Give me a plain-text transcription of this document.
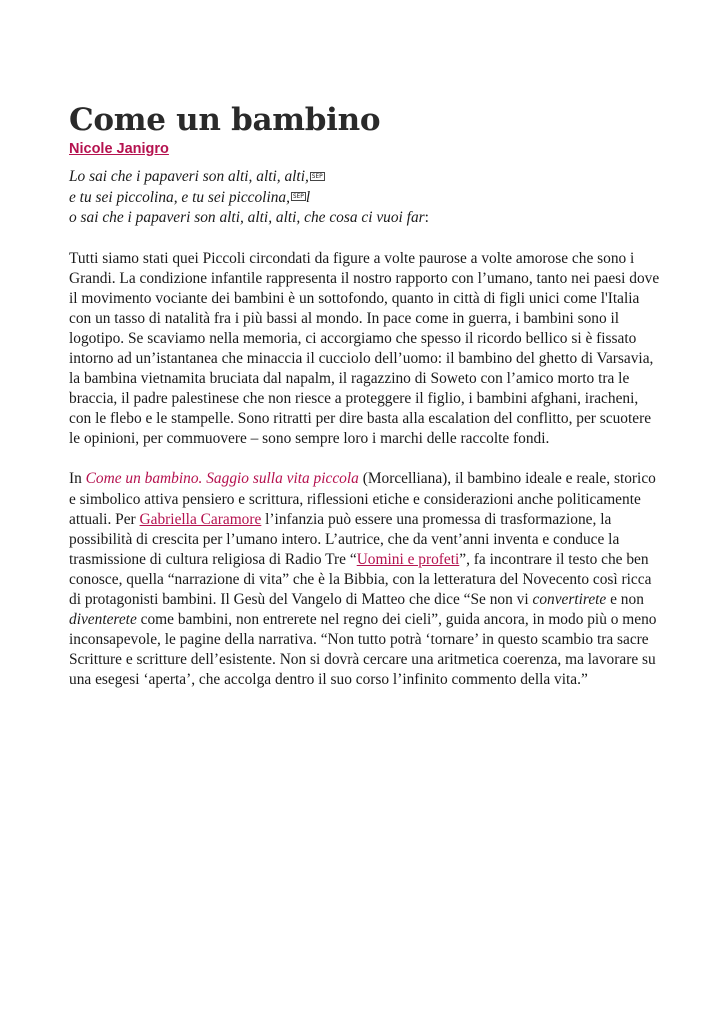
Come un bambino
Nicole Janigro
Lo sai che i papaveri son alti, alti, alti, SEP
e tu sei piccolina, e tu sei piccolina, SEP l
o sai che i papaveri son alti, alti, alti, che cosa ci vuoi far:

Tutti siamo stati quei Piccoli circondati da figure a volte paurose a volte amorose che sono i Grandi. La condizione infantile rappresenta il nostro rapporto con l’umano, tanto nei paesi dove il movimento vociante dei bambini è un sottofondo, quanto in città di figli unici come l'Italia con un tasso di natalità fra i più bassi al mondo. In pace come in guerra, i bambini sono il logotipo. Se scaviamo nella memoria, ci accorgiamo che spesso il ricordo bellico si è fissato intorno ad un’istantanea che minaccia il cucciolo dell’uomo: il bambino del ghetto di Varsavia, la bambina vietnamita bruciata dal napalm, il ragazzino di Soweto con l’amico morto tra le braccia, il padre palestinese che non riesce a proteggere il figlio, i bambini afghani, iracheni, con le flebo e le stampelle. Sono ritratti per dire basta alla escalation del conflitto, per scuotere le opinioni, per commuovere – sono sempre loro i marchi delle raccolte fondi.

In Come un bambino. Saggio sulla vita piccola (Morcelliana), il bambino ideale e reale, storico e simbolico attiva pensiero e scrittura, riflessioni etiche e considerazioni anche politicamente attuali. Per Gabriella Caramore l’infanzia può essere una promessa di trasformazione, la possibilità di crescita per l’umano intero. L’autrice, che da vent’anni inventa e conduce la trasmissione di cultura religiosa di Radio Tre “Uomini e profeti”, fa incontrare il testo che ben conosce, quella “narrazione di vita” che è la Bibbia, con la letteratura del Novecento così ricca di protagonisti bambini. Il Gesù del Vangelo di Matteo che dice “Se non vi convertirete e non diventerete come bambini, non entrerete nel regno dei cieli”, guida ancora, in modo più o meno inconsapevole, le pagine della narrativa. “Non tutto potrà ‘tornare’ in questo scambio tra sacre Scritture e scritture dell’esistente. Non si dovrà cercare una aritmetica coerenza, ma lavorare su una esegesi ‘aperta’, che accolga dentro il suo corso l’infinito commento della vita.”
